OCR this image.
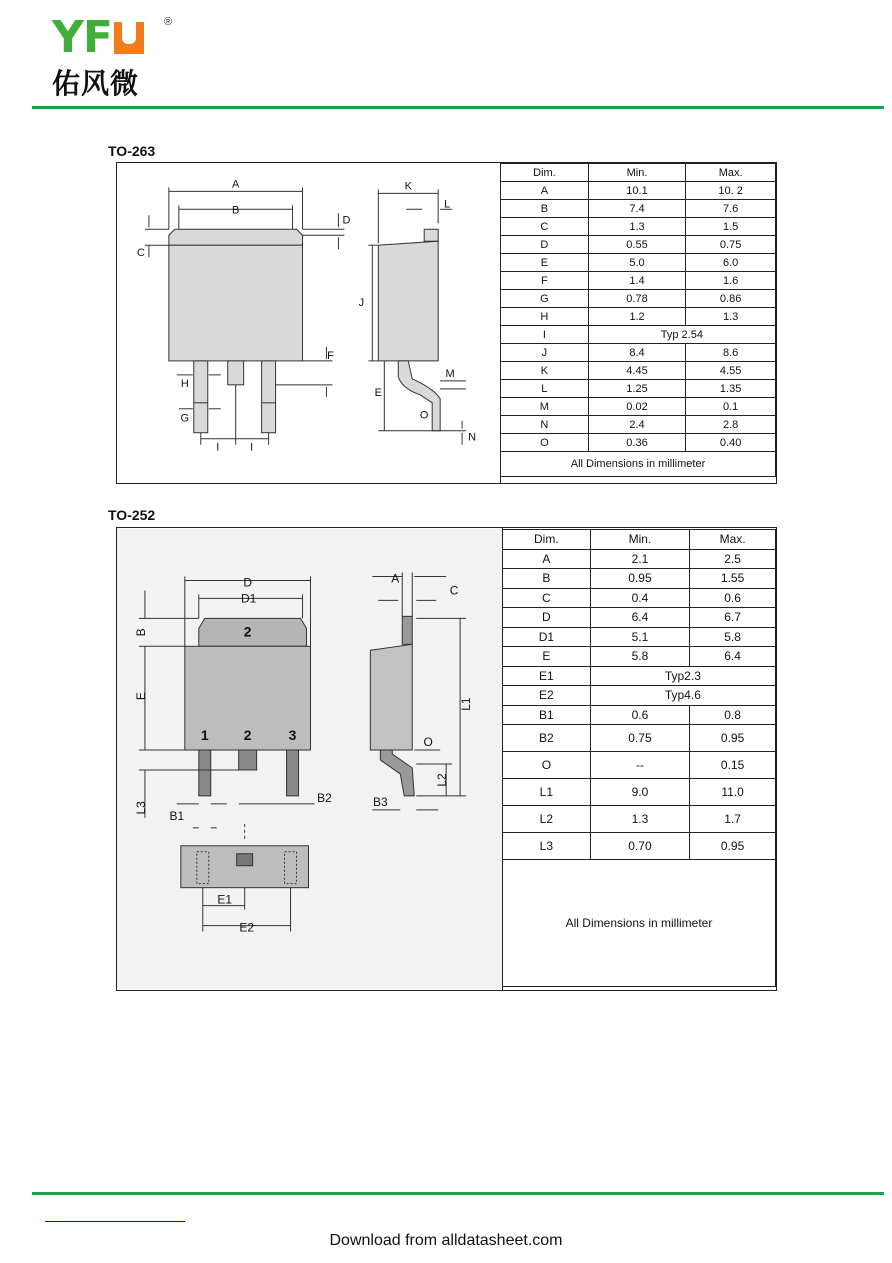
YF	®
佑风微
TO-263
A
B
C
D
E
F
G
H
I	I
J
K
L
M
N
O
Dim.	Min.	Max.
A	10.1	10. 2
B	7.4	7.6
C	1.3	1.5
D	0.55	0.75
E	5.0	6.0
F	1.4	1.6
G	0.78	0.86
H	1.2	1.3
I	Typ 2.54	
J	8.4	8.6
K	4.45	4.55
L	1.25	1.35
M	0.02	0.1
N	2.4	2.8
O	0.36	0.40
All Dimensions in millimeter		
TO-252
2
1	2	3
D
D1
B
E
L3
B1
B2
E1
E2
A
C
L1
L2
O
B3
Dim.	Min.	Max.
A	2.1	2.5
B	0.95	1.55
C	0.4	0.6
D	6.4	6.7
D1	5.1	5.8
E	5.8	6.4
E1	Typ2.3	
E2	Typ4.6	
B1	0.6	0.8
B2	0.75	0.95
O	--	0.15
L1	9.0	11.0
L2	1.3	1.7
L3	0.70	0.95
All Dimensions in millimeter		
Download from alldatasheet.com
